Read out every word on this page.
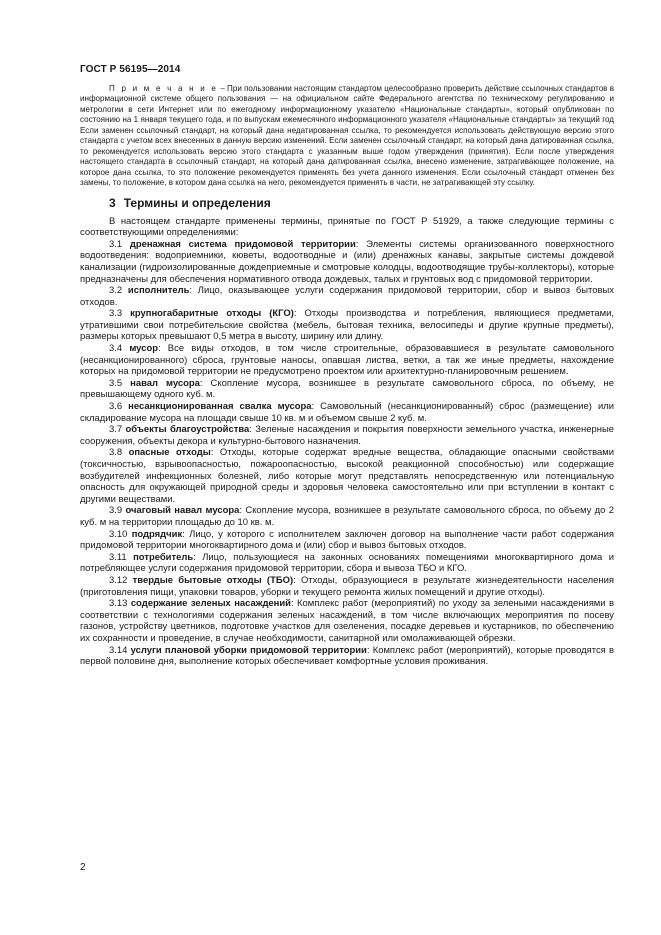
ГОСТ Р 56195—2014

П р и м е ч а н и е – При пользовании настоящим стандартом целесообразно проверить действие ссылочных стандартов в информационной системе общего пользования — на официальном сайте Федерального агентства по техническому регулированию и метрологии в сети Интернет или по ежегодному информационному указателю «Национальные стандарты», который опубликован по состоянию на 1 января текущего года, и по выпускам ежемесячного информационного указателя «Национальные стандарты» за текущий год Если заменен ссылочный стандарт, на который дана недатированная ссылка, то рекомендуется использовать действующую версию этого стандарта с учетом всех внесенных в данную версию изменений. Если заменен ссылочный стандарт, на который дана датированная ссылка, то рекомендуется использовать версию этого стандарта с указанным выше годом утверждения (принятия). Если после утверждения настоящего стандарта в ссылочный стандарт, на который дана датированная ссылка, внесено изменение, затрагивающее положение, на которое дана ссылка, то это положение рекомендуется применять без учета данного изменения. Если ссылочный стандарт отменен без замены, то положение, в котором дана ссылка на него, рекомендуется применять в части, не затрагивающей эту ссылку.

3 Термины и определения

В настоящем стандарте применены термины, принятые по ГОСТ Р 51929, а также следующие термины с соответствующими определениями:

3.1 дренажная система придомовой территории: Элементы системы организованного поверхностного водоотведения: водоприемники, кюветы, водоотводные и (или) дренажных канавы, закрытые системы дождевой канализации (гидроизолированные дождеприемные и смотровые колодцы, водоотводящие трубы-коллекторы), которые предназначены для обеспечения нормативного отвода дождевых, талых и грунтовых вод с придомовой территории.

3.2 исполнитель: Лицо, оказывающее услуги содержания придомовой территории, сбор и вывоз бытовых отходов.

3.3 крупногабаритные отходы (КГО): Отходы производства и потребления, являющиеся предметами, утратившими свои потребительские свойства (мебель, бытовая техника, велосипеды и другие крупные предметы), размеры которых превышают 0,5 метра в высоту, ширину или длину.

3.4 мусор: Все виды отходов, в том числе строительные, образовавшиеся в результате самовольного (несанкционированного) сброса, грунтовые наносы, опавшая листва, ветки, а так же иные предметы, нахождение которых на придомовой территории не предусмотрено проектом или архитектурно-планировочным решением.

3.5 навал мусора: Скопление мусора, возникшее в результате самовольного сброса, по объему, не превышающему одного куб. м.

3.6 несанкционированная свалка мусора: Самовольный (несанкционированный) сброс (размещение) или складирование мусора на площади свыше 10 кв. м и объемом свыше 2 куб. м.

3.7 объекты благоустройства: Зеленые насаждения и покрытия поверхности земельного участка, инженерные сооружения, объекты декора и культурно-бытового назначения.

3.8 опасные отходы: Отходы, которые содержат вредные вещества, обладающие опасными свойствами (токсичностью, взрывоопасностью, пожароопасностью, высокой реакционной способностью) или содержащие возбудителей инфекционных болезней, либо которые могут представлять непосредственную или потенциальную опасность для окружающей природной среды и здоровья человека самостоятельно или при вступлении в контакт с другими веществами.

3.9 очаговый навал мусора: Скопление мусора, возникшее в результате самовольного сброса, по объему до 2 куб. м на территории площадью до 10 кв. м.

3.10 подрядчик: Лицо, у которого с исполнителем заключен договор на выполнение части работ содержания придомовой территории многоквартирного дома и (или) сбор и вывоз бытовых отходов.

3.11 потребитель: Лицо, пользующиеся на законных основаниях помещениями многоквартирного дома и потребляющее услуги содержания придомовой территории, сбора и вывоза ТБО и КГО.

3.12 твердые бытовые отходы (ТБО): Отходы, образующиеся в результате жизнедеятельности населения (приготовления пищи, упаковки товаров, уборки и текущего ремонта жилых помещений и другие отходы).

3.13 содержание зеленых насаждений: Комплекс работ (мероприятий) по уходу за зелеными насаждениями в соответствии с технологиями содержания зеленых насаждений, в том числе включающих мероприятия по посеву газонов, устройству цветников, подготовке участков для озеленения, посадке деревьев и кустарников, по обеспечению их сохранности и проведение, в случае необходимости, санитарной или омолаживающей обрезки.

3.14 услуги плановой уборки придомовой территории: Комплекс работ (мероприятий), которые проводятся в первой половине дня, выполнение которых обеспечивает комфортные условия проживания.

2
